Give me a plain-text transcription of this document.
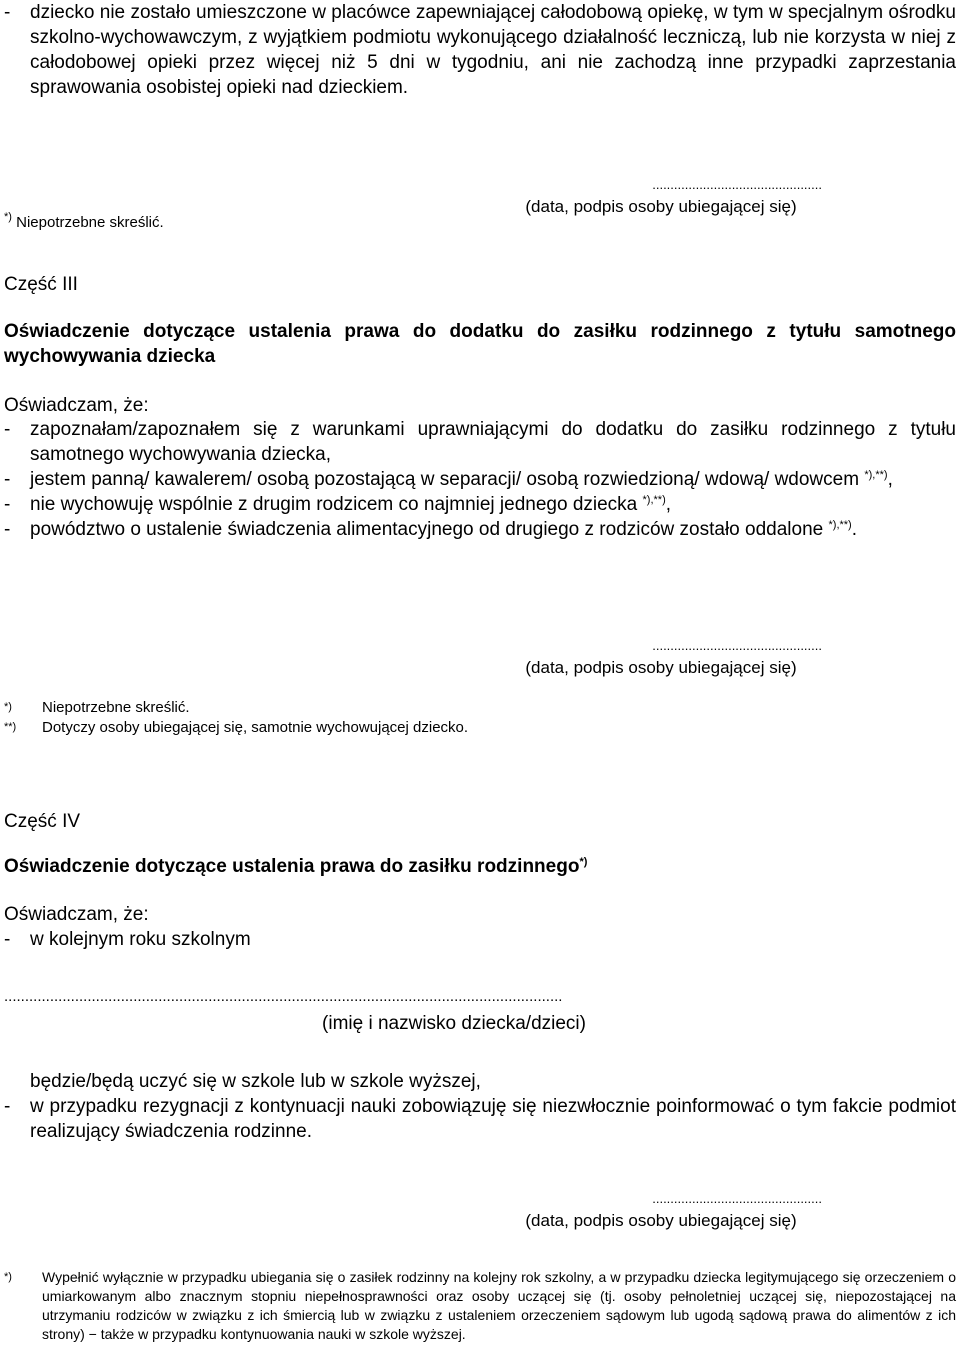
-	dziecko nie zostało umieszczone w placówce zapewniającej całodobową opiekę, w tym w specjalnym ośrodku szkolno-wychowawczym, z wyjątkiem podmiotu wykonującego działalność leczniczą, lub nie korzysta w niej z całodobowej opieki przez więcej niż 5 dni w tygodniu, ani nie zachodzą inne przypadki zaprzestania sprawowania osobistej opieki nad dzieckiem.
*) Niepotrzebne skreślić.
...............................................
(data, podpis osoby ubiegającej się)
Część III
Oświadczenie dotyczące ustalenia prawa do dodatku do zasiłku rodzinnego z tytułu samotnego wychowywania dziecka
Oświadczam, że:
-	zapoznałam/zapoznałem się z warunkami uprawniającymi do dodatku do zasiłku rodzinnego z tytułu samotnego wychowywania dziecka,
-	jestem panną/ kawalerem/ osobą pozostającą w separacji/ osobą rozwiedzioną/ wdową/ wdowcem *),**),
-	nie wychowuję wspólnie z drugim rodzicem co najmniej jednego dziecka *),**),
-	powództwo o ustalenie świadczenia alimentacyjnego od drugiego z rodziców zostało oddalone *),**).
...............................................
(data, podpis osoby ubiegającej się)
*)	Niepotrzebne skreślić.
**)	Dotyczy osoby ubiegającej się, samotnie wychowującej dziecko.
Część IV
Oświadczenie dotyczące ustalenia prawa do zasiłku rodzinnego*)
Oświadczam, że:
-	w kolejnym roku szkolnym
......................................................................................................................................
(imię i nazwisko dziecka/dzieci)
będzie/będą uczyć się w szkole lub w szkole wyższej,
-	w przypadku rezygnacji z kontynuacji nauki zobowiązuję się niezwłocznie poinformować o tym fakcie podmiot realizujący świadczenia rodzinne.
...............................................
(data, podpis osoby ubiegającej się)
*)	Wypełnić wyłącznie w przypadku ubiegania się o zasiłek rodzinny na kolejny rok szkolny, a w przypadku dziecka legitymującego się orzeczeniem o umiarkowanym albo znacznym stopniu niepełnosprawności oraz osoby uczącej się (tj. osoby pełnoletniej uczącej się, niepozostającej na utrzymaniu rodziców w związku z ich śmiercią lub w związku z ustaleniem orzeczeniem sądowym lub ugodą sądową prawa do alimentów z ich strony) − także w przypadku kontynuowania nauki w szkole wyższej.
